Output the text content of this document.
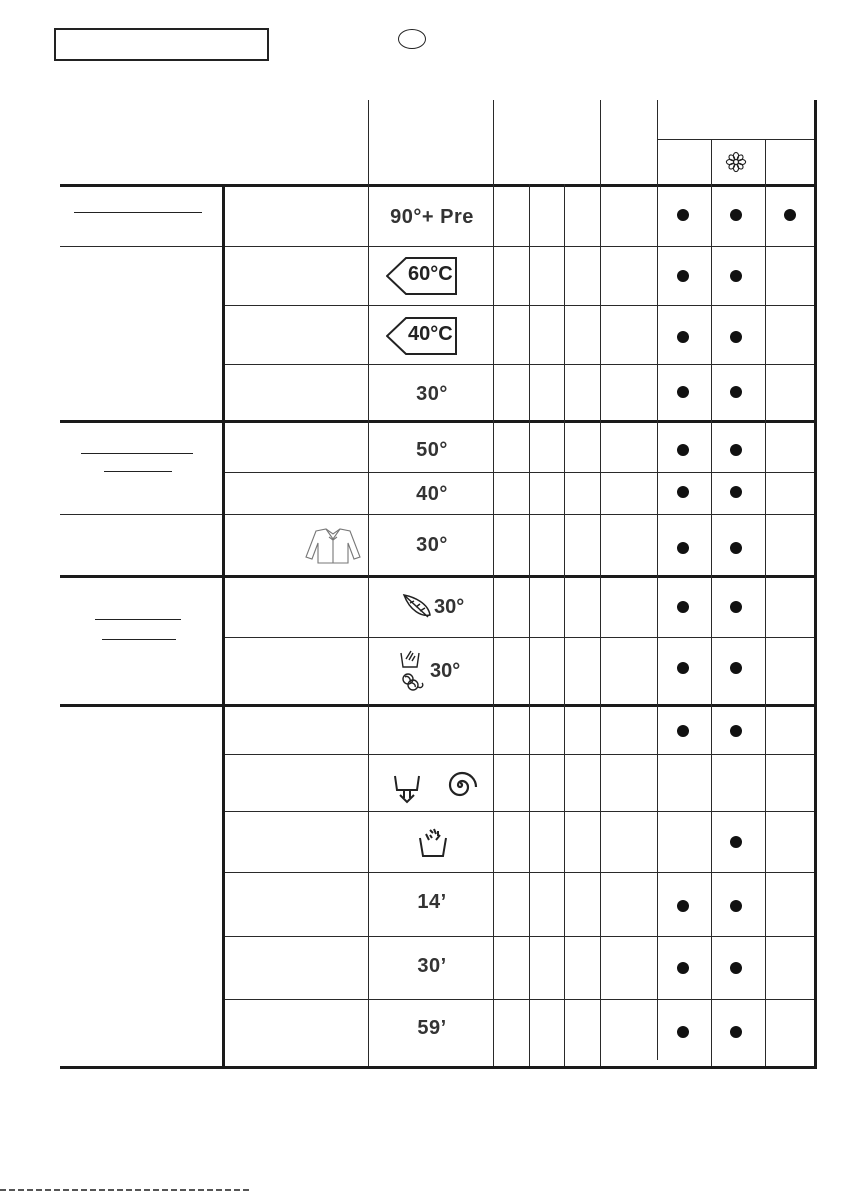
90°+ Pre
60°C
40°C
30°
50°
40°
30°
30°
30°
14’
30’
59’
